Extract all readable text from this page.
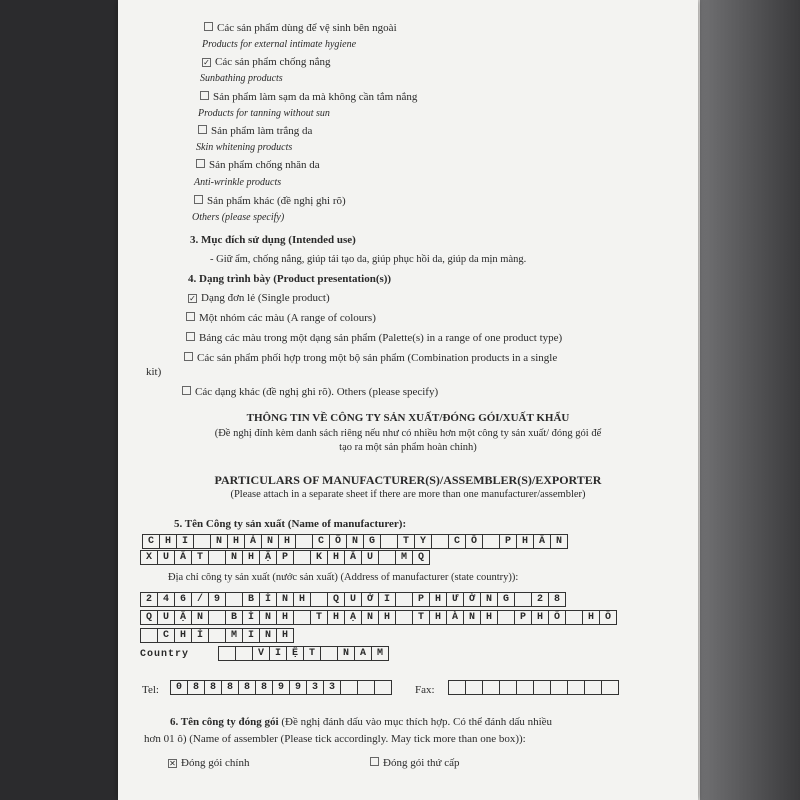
Các sản phẩm dùng để vệ sinh bên ngoài
Products for external intimate hygiene
✓ Các sản phẩm chống nắng
Sunbathing products
Sản phẩm làm sạm da mà không cần tắm nắng
Products for tanning without sun
Sản phẩm làm trắng da
Skin whitening products
Sản phẩm chống nhăn da
Anti-wrinkle products
Sản phẩm khác (đề nghị ghi rõ)
Others (please specify)
3. Mục đích sử dụng (Intended use)
- Giữ ẩm, chống nắng, giúp tái tạo da, giúp phục hồi da, giúp da mịn màng.
4. Dạng trình bày (Product presentation(s))
✓ Dạng đơn lẻ (Single product)
Một nhóm các màu (A range of colours)
Bảng các màu trong một dạng sản phẩm (Palette(s) in a range of one product type)
Các sản phẩm phối hợp trong một bộ sản phẩm (Combination products in a single
kit)
Các dạng khác (đề nghị ghi rõ). Others (please specify)
THÔNG TIN VỀ CÔNG TY SẢN XUẤT/ĐÓNG GÓI/XUẤT KHẨU
(Đề nghị đính kèm danh sách riêng nếu như có nhiều hơn một công ty sản xuất/ đóng gói để
tạo ra một sản phẩm hoàn chỉnh)
PARTICULARS OF MANUFACTURER(S)/ASSEMBLER(S)/EXPORTER
(Please attach in a separate sheet if there are more than one manufacturer/assembler)
5. Tên Công ty sản xuất (Name of manufacturer):
C	H	I		N	H	Á	N	H		C	Ô	N	G		T	Y		C	Ổ		P	H	Ầ	N
X	U	Ấ	T		N	H	Ậ	P		K	H	Ẩ	U		M	Q
Địa chỉ công ty sản xuất (nước sản xuất) (Address of manufacturer (state country)):
2	4	6	/	9		B	Ì	N	H		Q	U	Ớ	I		P	H	Ư	Ờ	N	G		2	8
Q	U	Ậ	N		B	Ì	N	H		T	H	Ạ	N	H		T	H	À	N	H		P	H	Ố		H	Ồ
	C	H	Í		M	I	N	H
Country
			V	I	Ệ	T		N	A	M
Tel: 0	8	8	8	8	8	9	9	3	3				Fax:

6. Tên công ty đóng gói (Đề nghị đánh dấu vào mục thích hợp. Có thể đánh dấu nhiều
hơn 01 ô) (Name of assembler (Please tick accordingly. May tick more than one box)):
✕ Đóng gói chính	Đóng gói thứ cấp
